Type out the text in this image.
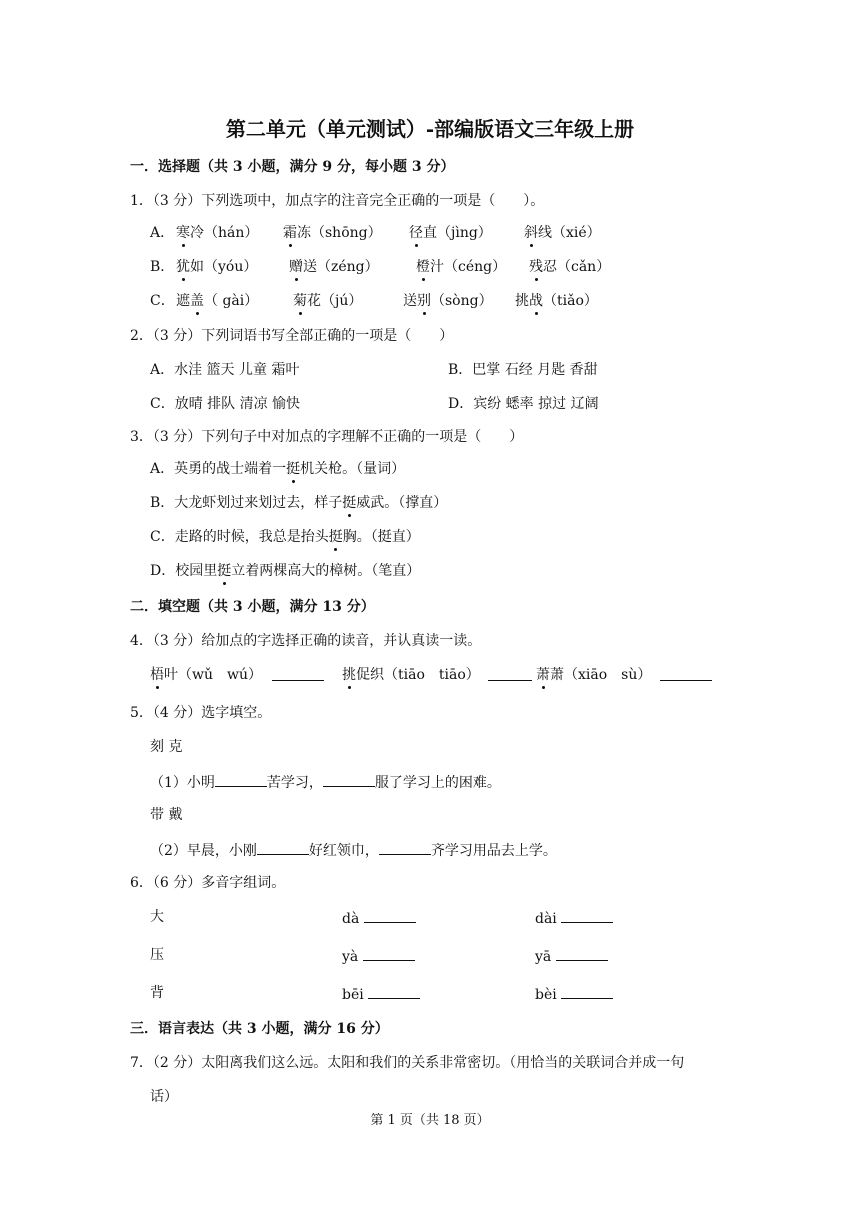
第二单元（单元测试）-部编版语文三年级上册
一．选择题（共 3 小题，满分 9 分，每小题 3 分）
1．（3 分）下列选项中，加点字的注音完全正确的一项是（　　）。
A． 寒冷（hán） 霜冻（shōng） 径直（jìng） 斜线（xié）
B． 犹如（yóu） 赠送（zéng）	橙汁（céng） 残忍（cǎn）
C． 遮盖（ gài） 菊花（jú）	送别（sòng） 挑战（tiǎo）
2．（3 分）下列词语书写全部正确的一项是（　　）
A．水洼 篮天 儿童 霜叶	B．巴掌 石经 月匙 香甜
C．放晴 排队 清凉 愉快	D．宾纷 蟋率 掠过 辽阔
3．（3 分）下列句子中对加点的字理解不正确的一项是（　　）
A．英勇的战士端着一挺机关枪。（量词）
B．大龙虾划过来划过去，样子挺威武。（撑直）
C．走路的时候，我总是抬头挺胸。（挺直）
D．校园里挺立着两棵高大的樟树。（笔直）
二．填空题（共 3 小题，满分 13 分）
4．（3 分）给加点的字选择正确的读音，并认真读一读。
梧叶（wǔ　wú）	挑促织（tiāo　tiāo）	萧萧（xiāo　sù）
5．（4 分）选字填空。
刻 克
（1）小明	苦学习，	服了学习上的困难。
带 戴
（2）早晨，小刚	好红领巾，	齐学习用品去上学。
6．（6 分）多音字组词。
大	dà	dài
压	yà	yā
背	bēi	bèi
三．语言表达（共 3 小题，满分 16 分）
7．（2 分）太阳离我们这么远。太阳和我们的关系非常密切。（用恰当的关联词合并成一句
话）
第 1 页（共 18 页）
